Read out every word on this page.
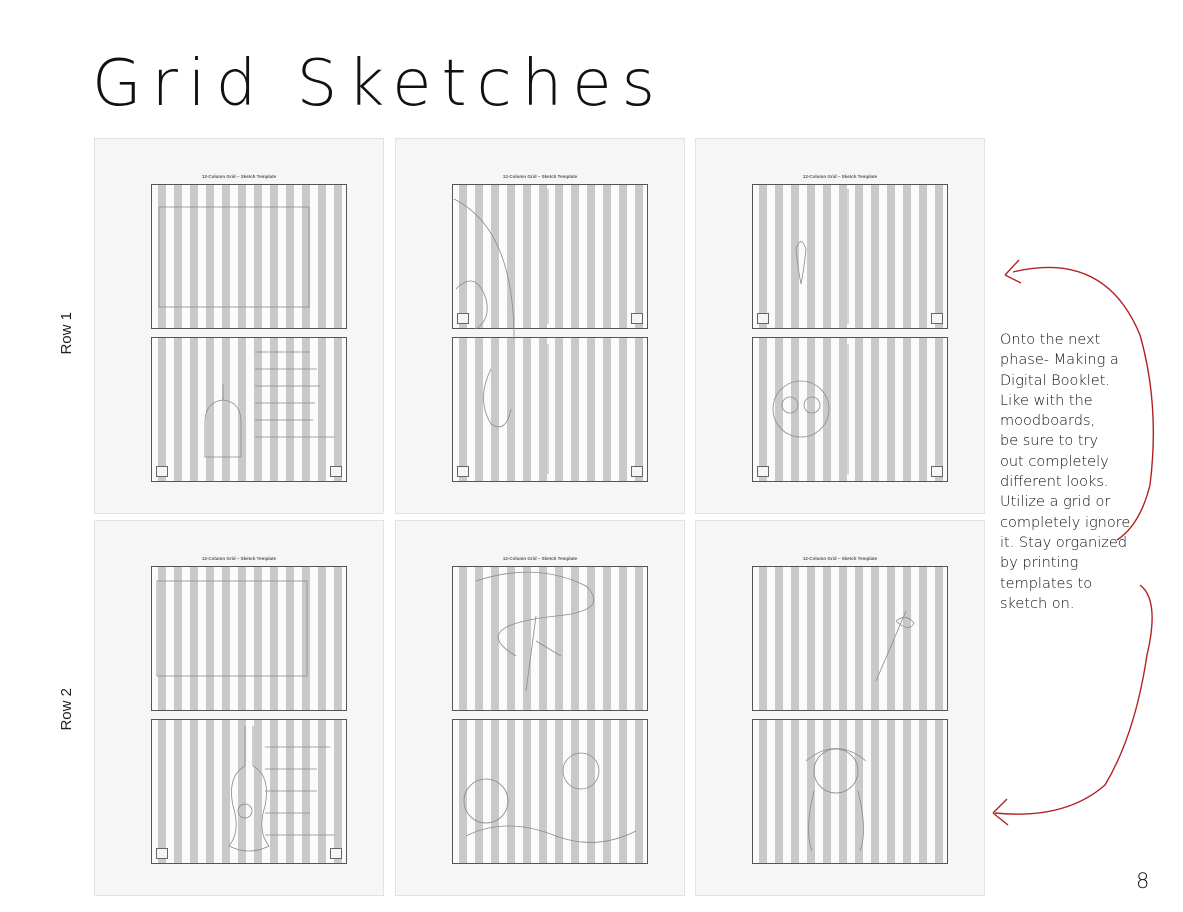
Grid Sketches
Row 1
Row 2
12-Column Grid – Sketch Template	12-Column Grid – Sketch Template	12-Column Grid – Sketch Template
12-Column Grid – Sketch Template	12-Column Grid – Sketch Template	12-Column Grid – Sketch Template
Onto the next
phase- Making a
Digital Booklet.
Like with the
moodboards,
be sure to try
out completely
different looks.
Utilize a grid or
completely ignore
it. Stay organized
by printing
templates to
sketch on.
8
